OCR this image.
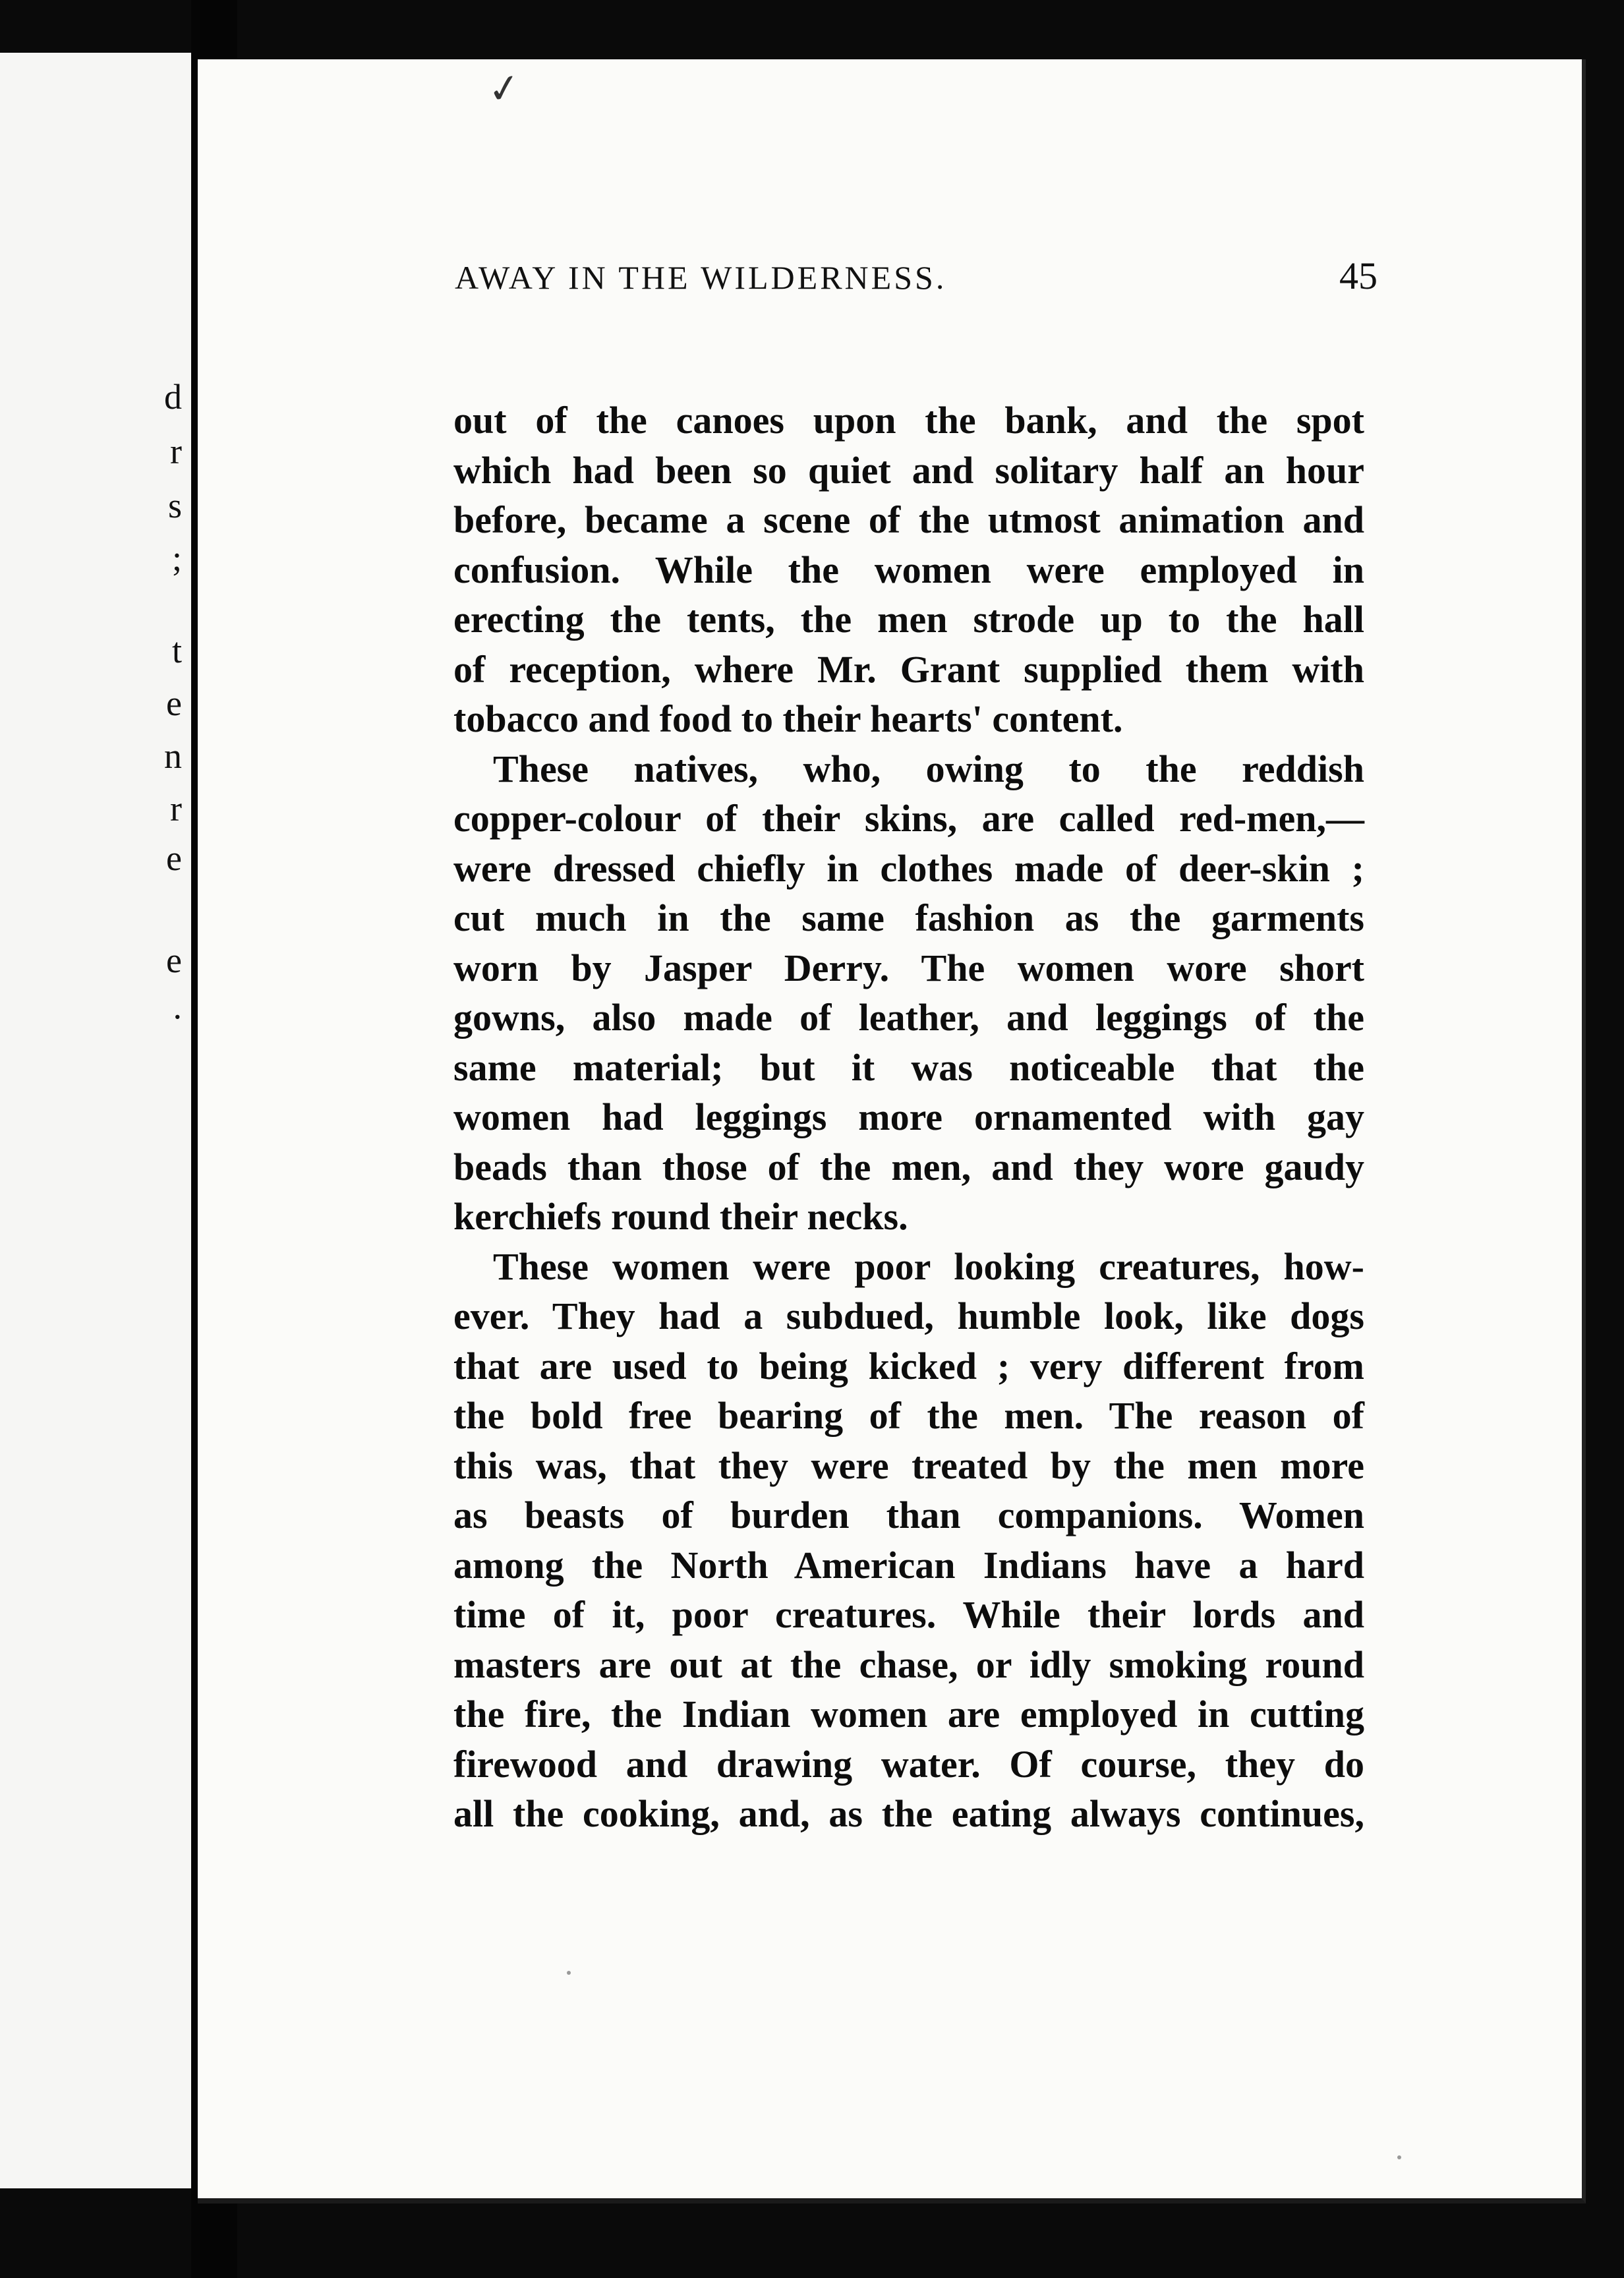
d
r
s
;
t
e
n
r
e
e
.
✓
AWAY IN THE WILDERNESS.	45
out of the canoes upon the bank, and the spot
which had been so quiet and solitary half an hour
before, became a scene of the utmost animation and
confusion. While the women were employed in
erecting the tents, the men strode up to the hall
of reception, where Mr. Grant supplied them with
tobacco and food to their hearts' content.
These natives, who, owing to the reddish
copper-colour of their skins, are called red-men,—
were dressed chiefly in clothes made of deer-skin ;
cut much in the same fashion as the garments
worn by Jasper Derry. The women wore short
gowns, also made of leather, and leggings of the
same material; but it was noticeable that the
women had leggings more ornamented with gay
beads than those of the men, and they wore gaudy
kerchiefs round their necks.
These women were poor looking creatures, how-
ever. They had a subdued, humble look, like dogs
that are used to being kicked ; very different from
the bold free bearing of the men. The reason of
this was, that they were treated by the men more
as beasts of burden than companions. Women
among the North American Indians have a hard
time of it, poor creatures. While their lords and
masters are out at the chase, or idly smoking round
the fire, the Indian women are employed in cutting
firewood and drawing water. Of course, they do
all the cooking, and, as the eating always continues,
